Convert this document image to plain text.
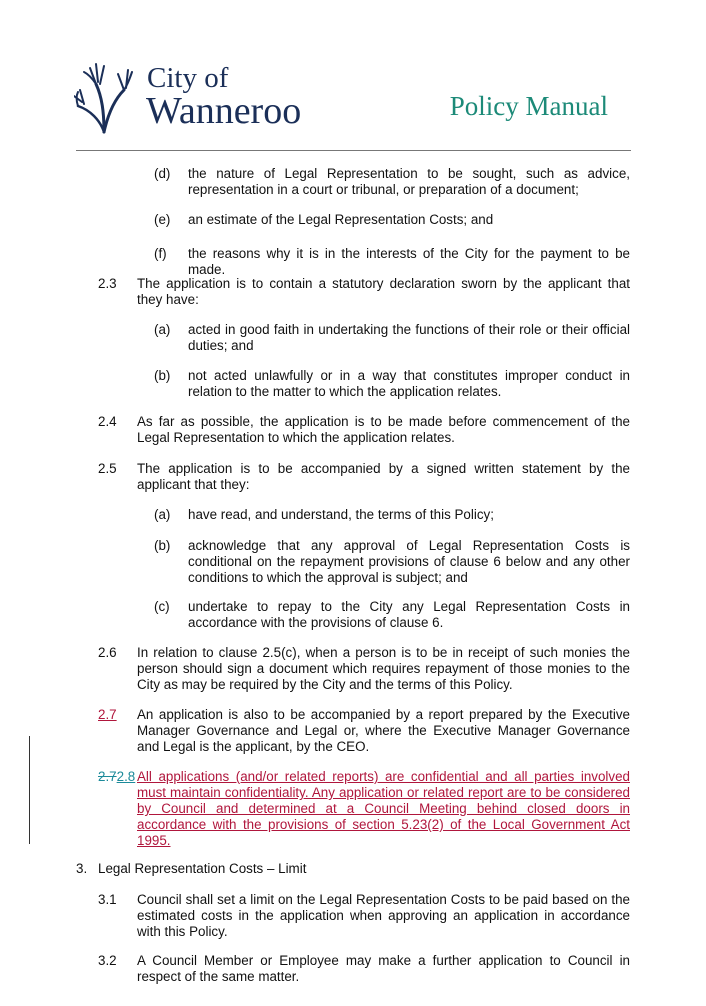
City of
Wanneroo	Policy Manual
(d) the nature of Legal Representation to be sought, such as advice, representation in a court or tribunal, or preparation of a document;
(e) an estimate of the Legal Representation Costs; and
(f) the reasons why it is in the interests of the City for the payment to be made.
2.3 The application is to contain a statutory declaration sworn by the applicant that they have:
(a) acted in good faith in undertaking the functions of their role or their official duties; and
(b) not acted unlawfully or in a way that constitutes improper conduct in relation to the matter to which the application relates.
2.4 As far as possible, the application is to be made before commencement of the Legal Representation to which the application relates.
2.5 The application is to be accompanied by a signed written statement by the applicant that they:
(a) have read, and understand, the terms of this Policy;
(b) acknowledge that any approval of Legal Representation Costs is conditional on the repayment provisions of clause 6 below and any other conditions to which the approval is subject; and
(c) undertake to repay to the City any Legal Representation Costs in accordance with the provisions of clause 6.
2.6 In relation to clause 2.5(c), when a person is to be in receipt of such monies the person should sign a document which requires repayment of those monies to the City as may be required by the City and the terms of this Policy.
2.7 An application is also to be accompanied by a report prepared by the Executive Manager Governance and Legal or, where the Executive Manager Governance and Legal is the applicant, by the CEO.
2.72.8 All applications (and/or related reports) are confidential and all parties involved must maintain confidentiality. Any application or related report are to be considered by Council and determined at a Council Meeting behind closed doors in accordance with the provisions of section 5.23(2) of the Local Government Act 1995.
3. Legal Representation Costs – Limit
3.1 Council shall set a limit on the Legal Representation Costs to be paid based on the estimated costs in the application when approving an application in accordance with this Policy.
3.2 A Council Member or Employee may make a further application to Council in respect of the same matter.
